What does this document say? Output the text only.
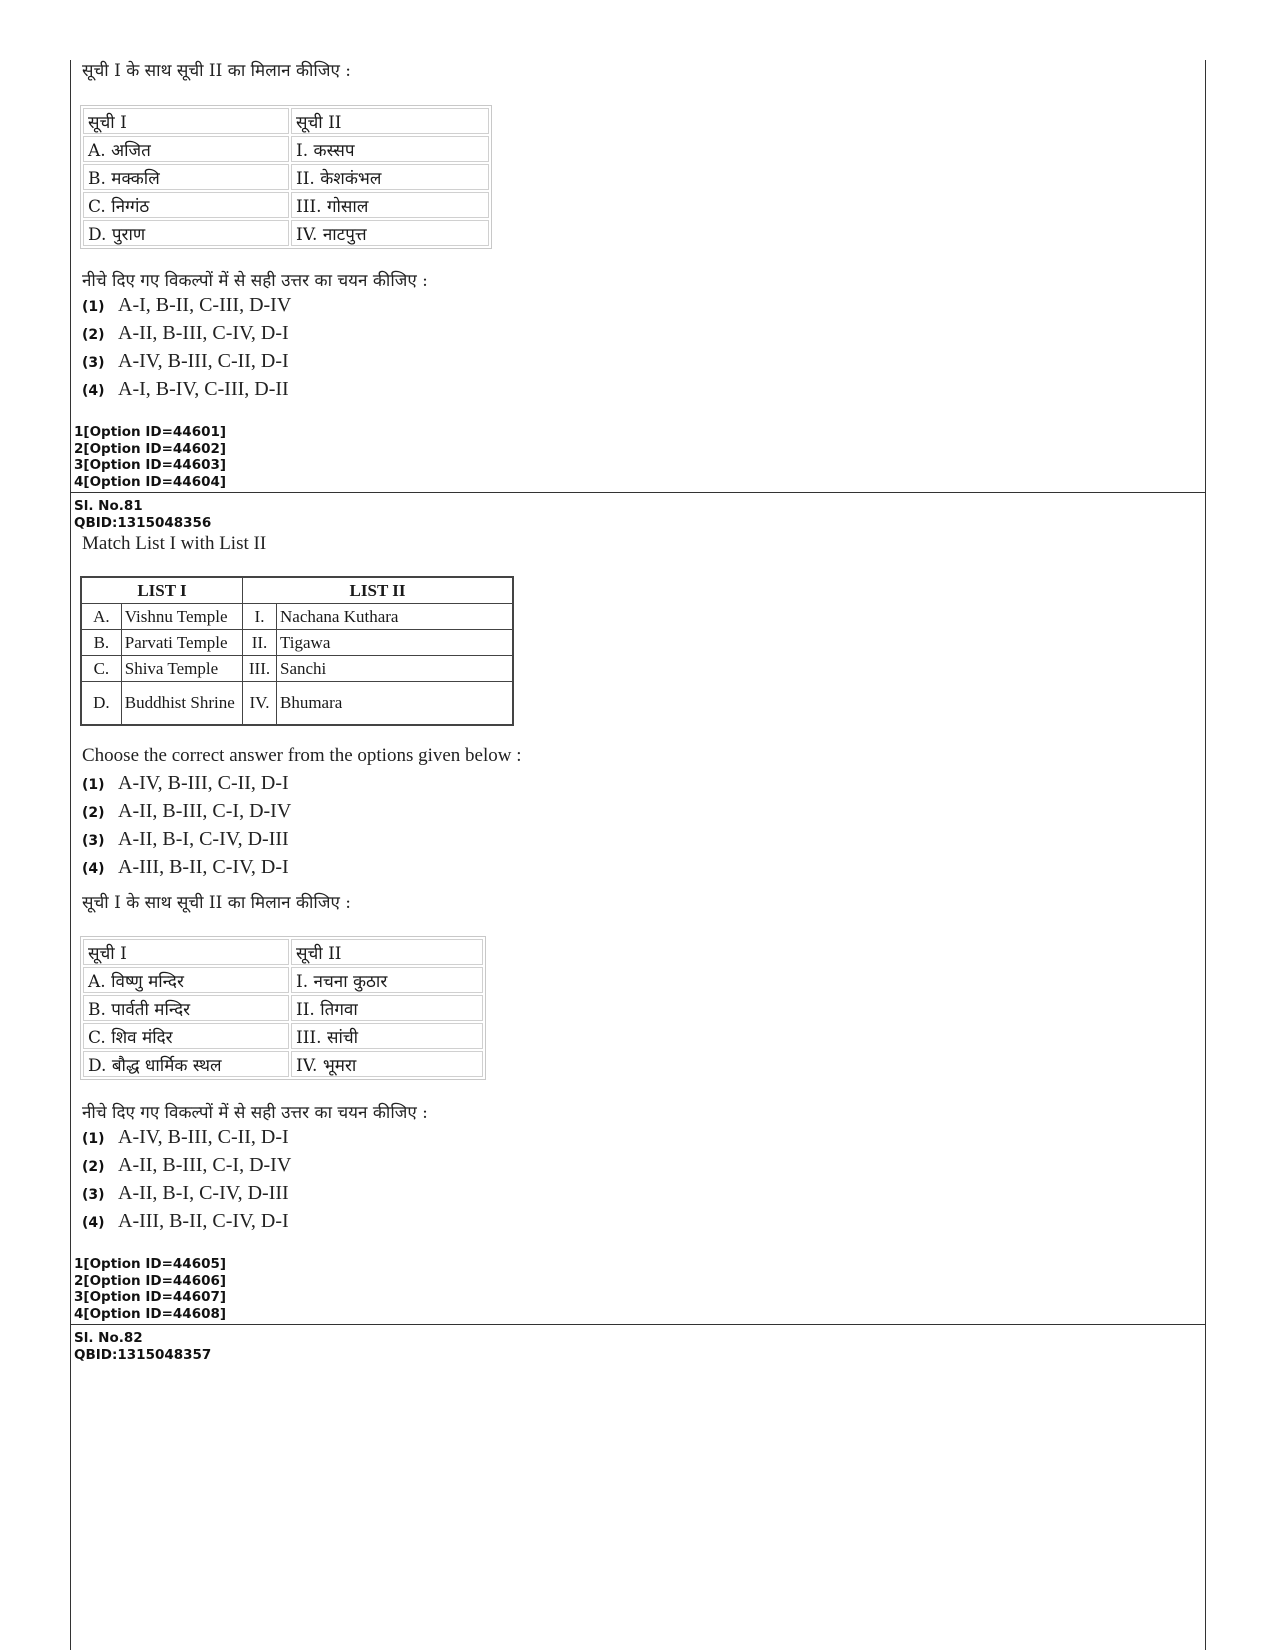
सूची I के साथ सूची II का मिलान कीजिए :
सूची I	सूची II
A. अजित	I. कस्सप
B. मक्कलि	II. केशकंभल
C. निग्गंठ	III. गोसाल
D. पुराण	IV. नाटपुत्त
नीचे दिए गए विकल्पों में से सही उत्तर का चयन कीजिए :
(1) A-I, B-II, C-III, D-IV
(2) A-II, B-III, C-IV, D-I
(3) A-IV, B-III, C-II, D-I
(4) A-I, B-IV, C-III, D-II
1[Option ID=44601]
2[Option ID=44602]
3[Option ID=44603]
4[Option ID=44604]
Sl. No.81
QBID:1315048356
Match List I with List II
LIST I		LIST II	
A.	Vishnu Temple	I.	Nachana Kuthara
B.	Parvati Temple	II.	Tigawa
C.	Shiva Temple	III.	Sanchi
D.	Buddhist Shrine	IV.	Bhumara
Choose the correct answer from the options given below :
(1) A-IV, B-III, C-II, D-I
(2) A-II, B-III, C-I, D-IV
(3) A-II, B-I, C-IV, D-III
(4) A-III, B-II, C-IV, D-I
सूची I के साथ सूची II का मिलान कीजिए :
सूची I	सूची II
A. विष्णु मन्दिर	I. नचना कुठार
B. पार्वती मन्दिर	II. तिगवा
C. शिव मंदिर	III. सांची
D. बौद्ध धार्मिक स्थल	IV. भूमरा
नीचे दिए गए विकल्पों में से सही उत्तर का चयन कीजिए :
(1) A-IV, B-III, C-II, D-I
(2) A-II, B-III, C-I, D-IV
(3) A-II, B-I, C-IV, D-III
(4) A-III, B-II, C-IV, D-I
1[Option ID=44605]
2[Option ID=44606]
3[Option ID=44607]
4[Option ID=44608]
Sl. No.82
QBID:1315048357
